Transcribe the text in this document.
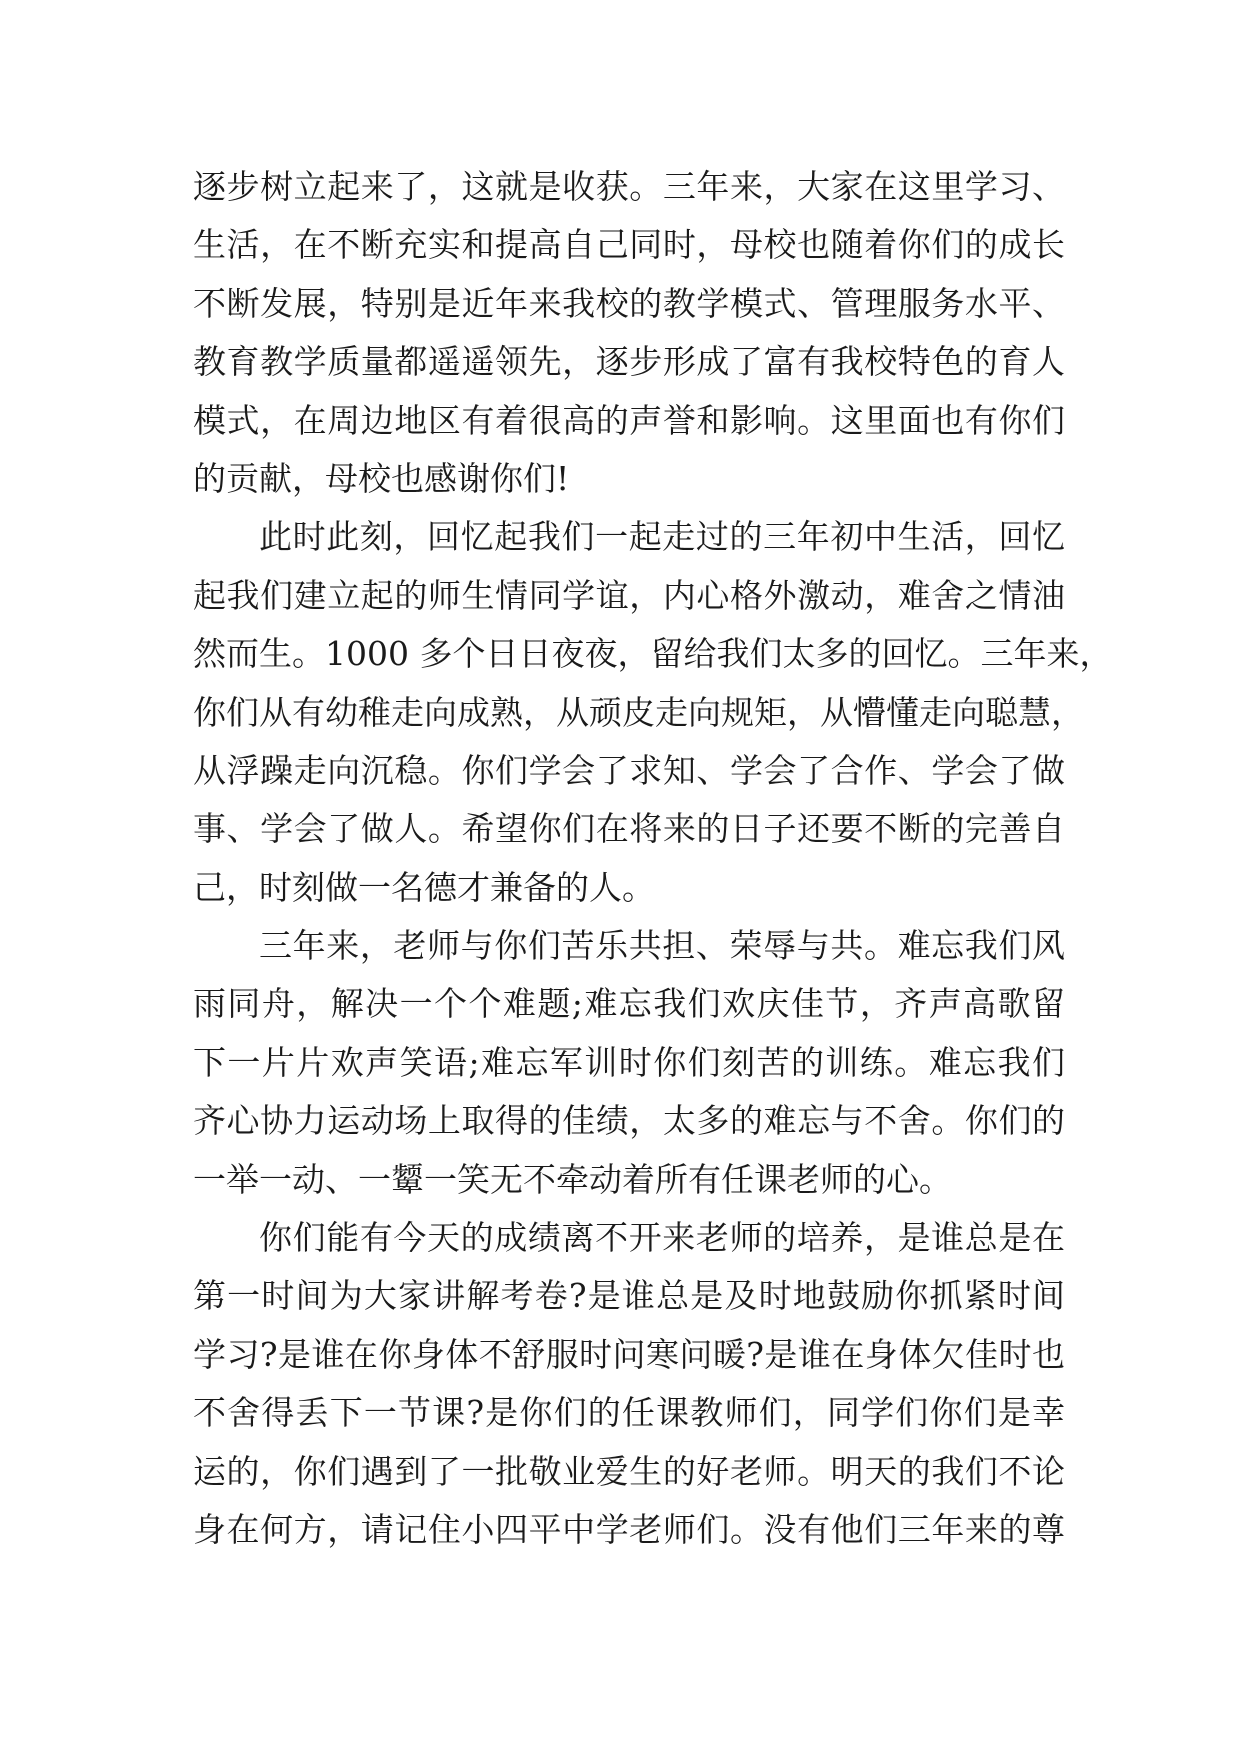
逐步树立起来了，这就是收获。三年来，大家在这里学习、
生活，在不断充实和提高自己同时，母校也随着你们的成长
不断发展，特别是近年来我校的教学模式、管理服务水平、
教育教学质量都遥遥领先，逐步形成了富有我校特色的育人
模式，在周边地区有着很高的声誉和影响。这里面也有你们
的贡献，母校也感谢你们!
此时此刻，回忆起我们一起走过的三年初中生活，回忆
起我们建立起的师生情同学谊，内心格外激动，难舍之情油
然而生。1000 多个日日夜夜，留给我们太多的回忆。三年来，
你们从有幼稚走向成熟，从顽皮走向规矩，从懵懂走向聪慧，
从浮躁走向沉稳。你们学会了求知、学会了合作、学会了做
事、学会了做人。希望你们在将来的日子还要不断的完善自
己，时刻做一名德才兼备的人。
三年来，老师与你们苦乐共担、荣辱与共。难忘我们风
雨同舟，解决一个个难题;难忘我们欢庆佳节，齐声高歌留
下一片片欢声笑语;难忘军训时你们刻苦的训练。难忘我们
齐心协力运动场上取得的佳绩，太多的难忘与不舍。你们的
一举一动、一颦一笑无不牵动着所有任课老师的心。
你们能有今天的成绩离不开来老师的培养，是谁总是在
第一时间为大家讲解考卷?是谁总是及时地鼓励你抓紧时间
学习?是谁在你身体不舒服时问寒问暖?是谁在身体欠佳时也
不舍得丢下一节课?是你们的任课教师们，同学们你们是幸
运的，你们遇到了一批敬业爱生的好老师。明天的我们不论
身在何方，请记住小四平中学老师们。没有他们三年来的尊
